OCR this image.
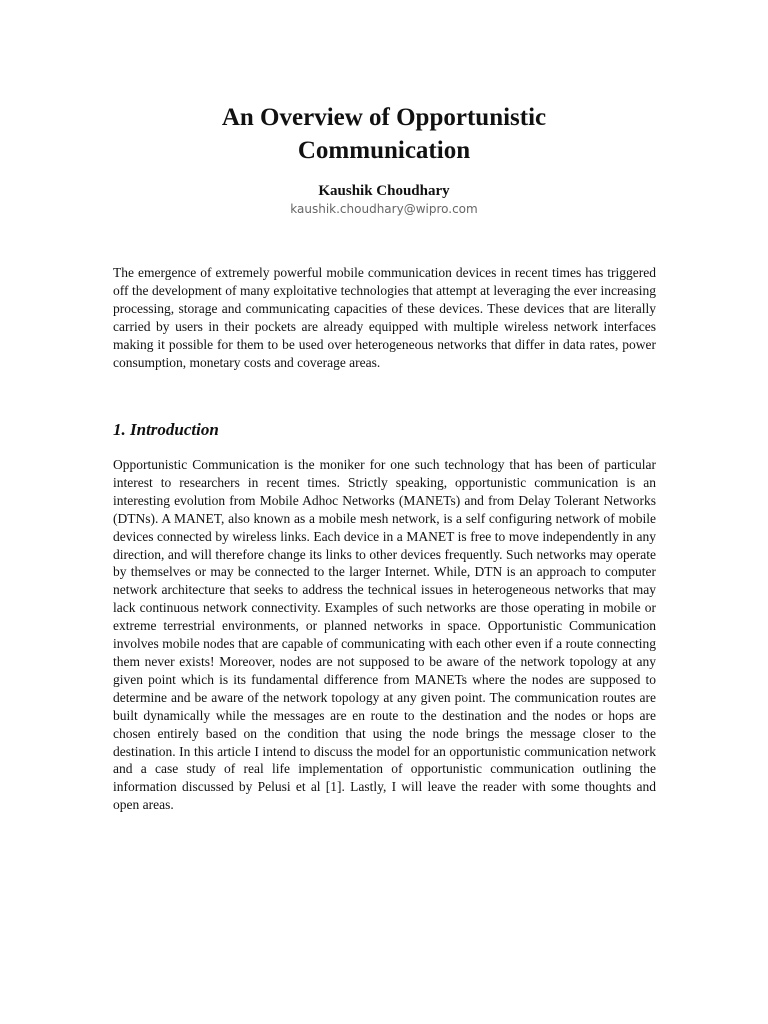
An Overview of Opportunistic
Communication

Kaushik Choudhary

kaushik.choudhary@wipro.com

The emergence of extremely powerful mobile communication devices in recent times has triggered off the development of many exploitative technologies that attempt at leveraging the ever increasing processing, storage and communicating capacities of these devices. These devices that are literally carried by users in their pockets are already equipped with multiple wireless network interfaces making it possible for them to be used over heterogeneous networks that differ in data rates, power consumption, monetary costs and coverage areas.

1. Introduction

Opportunistic Communication is the moniker for one such technology that has been of particular interest to researchers in recent times. Strictly speaking, opportunistic communication is an interesting evolution from Mobile Adhoc Networks (MANETs) and from Delay Tolerant Networks (DTNs). A MANET, also known as a mobile mesh network, is a self configuring network of mobile devices connected by wireless links. Each device in a MANET is free to move independently in any direction, and will therefore change its links to other devices frequently. Such networks may operate by themselves or may be connected to the larger Internet. While, DTN is an approach to computer network architecture that seeks to address the technical issues in heterogeneous networks that may lack continuous network connectivity. Examples of such networks are those operating in mobile or extreme terrestrial environments, or planned networks in space. Opportunistic Communication involves mobile nodes that are capable of communicating with each other even if a route connecting them never exists! Moreover, nodes are not supposed to be aware of the network topology at any given point which is its fundamental difference from MANETs where the nodes are supposed to determine and be aware of the network topology at any given point. The communication routes are built dynamically while the messages are en route to the destination and the nodes or hops are chosen entirely based on the condition that using the node brings the message closer to the destination. In this article I intend to discuss the model for an opportunistic communication network and a case study of real life implementation of opportunistic communication outlining the information discussed by Pelusi et al [1]. Lastly, I will leave the reader with some thoughts and open areas.
